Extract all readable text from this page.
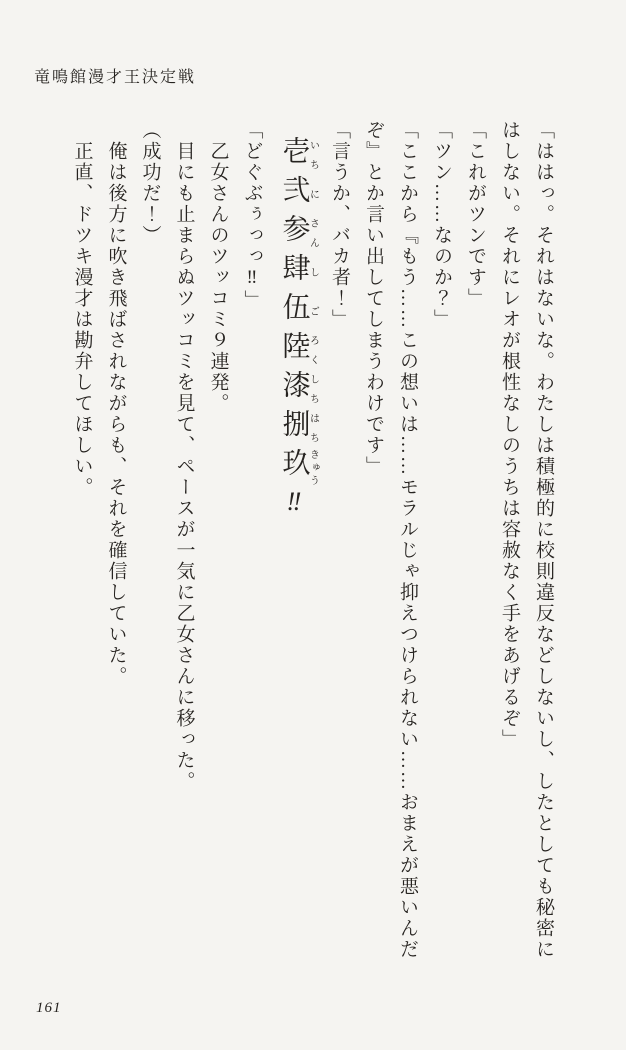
竜鳴館漫才王決定戦

「ははっ。それはないな。わたしは積極的に校則違反などしないし、したとしても秘密にはしない。それにレオが根性なしのうちは容赦なく手をあげるぞ」

「これがツンです」

「ツン……なのか？」

「ここから『もう……この想いは……モラルじゃ抑えつけられない……おまえが悪いんだぞ』とか言い出してしまうわけです」

「言うか、バカ者！」

壱いち弐に参さん肆し伍ご陸ろく漆しち捌はち玖きゅう‼

「どぐぶぅっっ‼」

乙女さんのツッコミ９連発。

目にも止まらぬツッコミを見て、ペースが一気に乙女さんに移った。

（成功だ！）

俺は後方に吹き飛ばされながらも、それを確信していた。

正直、ドツキ漫才は勘弁してほしい。

161
